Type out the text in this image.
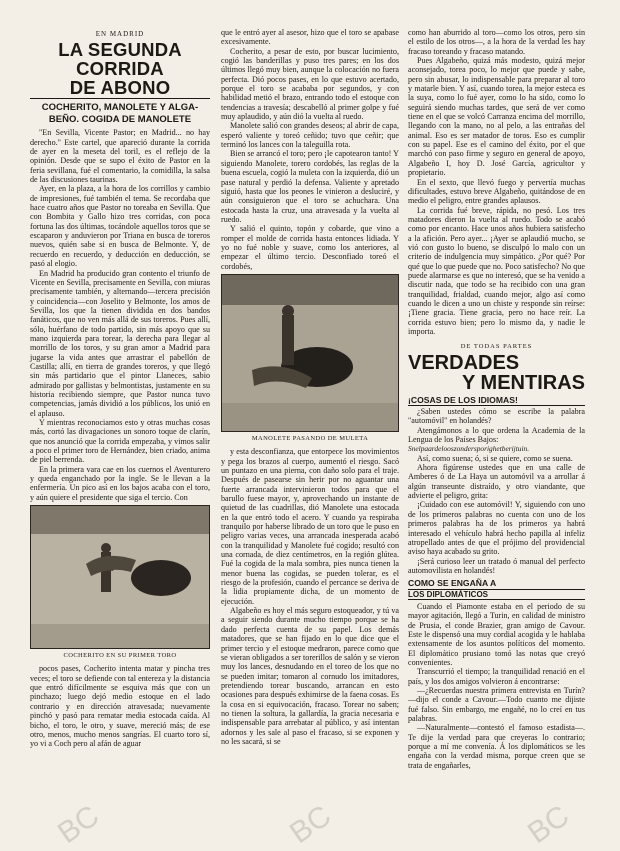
EN MADRID
LA SEGUNDA CORRIDA
DE ABONO
COCHERITO, MANOLETE Y ALGA-
BEÑO. COGIDA DE MANOLETE

"En Sevilla, Vicente Pastor; en Madrid... no hay derecho." Este cartel, que apareció durante la corrida de ayer en la meseta del toril, es el reflejo de la opinión. Desde que se supo el éxito de Pastor en la feria sevillana, fué el comentario, la comidilla, la salsa de las discusiones taurinas.

Ayer, en la plaza, a la hora de los corrillos y cambio de impresiones, fué también el tema. Se recordaba que hace cuatro años que Pastor no toreaba en Sevilla. Que con Bombita y Gallo hizo tres corridas, con poca fortuna las dos últimas, tocándole aquellos toros que se escaparon y anduvieron por Triana en busca de toreros nuevos, quién sabe si en busca de Belmonte. Y, de recuerdo en recuerdo, y deducción en deducción, se pasó al elogio.

En Madrid ha producido gran contento el triunfo de Vicente en Sevilla, precisamente en Sevilla, con miuras precisamente también, y alternando—tercera precisión y coincidencia—con Joselito y Belmonte, los amos de Sevilla, los que la tienen dividida en dos bandos fanáticos, que no ven más allá de sus toreros. Pues allí, sólo, huérfano de todo partido, sin más apoyo que su mano izquierda para torear, la derecha para llegar al morrillo de los toros, y su gran amor a Madrid para jugarse la vida antes que arrastrar el pabellón de Castilla; allí, en tierra de grandes toreros, y que llegó sin más partidario que el pintor Llaneces, sabio admirado por gallistas y belmontistas, justamente en su historia recibiendo siempre, que Pastor nunca tuvo competencias, jamás dividió a los públicos, los unió en el aplauso.

Y mientras reconociamos esto y otras muchas cosas más, cortó las divagaciones un sonoro toque de clarín, que nos anunció que la corrida empezaba, y vimos salir a poco el primer toro de Hernández, bien criado, anima de piel berrenda.

En la primera vara cae en los cuernos el Aventurero y queda enganchado por la ingle. Se le llevan a la enfermería. Un pico así en los bajos acaba con el toro, y aún quiere el presidente que siga el tercio. Con

COCHERITO EN SU PRIMER TORO

pocos pases, Cocherito intenta matar y pincha tres veces; el toro se defiende con tal entereza y la distancia que entró difícilmente se esquiva más que con un pinchazo; luego dejó medio estoque en el lado contrario y en dirección atravesada; nuevamente pinchó y pasó para rematar media estocada caída. Al bicho, el toro, le otro, y suave, mereció más; de ese otro, menos, mucho menos sangrías. El cuarto toro sí, yo vi a Coch pero al afán de aguar

que le entró ayer al asesor, hizo que el toro se apabase excesivamente.

Cocherito, a pesar de esto, por buscar lucimiento, cogió las banderillas y puso tres pares; en los dos últimos llegó muy bien, aunque la colocación no fuera perfecta. Dió pocos pases, en lo que estuvo acertado, porque el toro se acababa por segundos, y con habilidad metió el brazo, entrando todo el estoque con tendencias a travesía; descabelló al primer golpe y fué muy aplaudido, y aún dió la vuelta al ruedo.

Manolete salió con grandes deseos; al abrir de capa, esperó valiente y toreó ceñido; tuvo que ceñir; que terminó los lances con la taleguilla rota.

Bien se arrancó el toro; pero ¡le capotearon tanto! Y siguiendo Manolete, torero cordobés, las reglas de la buena escuela, cogió la muleta con la izquierda, dió un pase natural y perdió la defensa. Valiente y apretado siguió, hasta que los peones le vinieron a desluciré, y aún consiguieron que el toro se achuchara. Una estocada hasta la cruz, una atravesada y la vuelta al ruedo.

Y salió el quinto, topón y cobarde, que vino a romper el molde de corrida hasta entonces lidiada. Y yo no fué noble y suave, como los anteriores, al empezar el último tercio. Desconfiado toreó el cordobés,

MANOLETE PASANDO DE MULETA

y esta desconfianza, que entorpece los movimientos y pega los brazos al cuerpo, aumentó el riesgo. Sacó un puntazo en una pierna, con daño solo para el traje. Después de pasearse sin herir por no aguantar una fuerte arrancada intervinieron todos para que el barullo fuese mayor, y, aprovechando un instante de quietud de las cuadrillas, dió Manolete una estocada en la que entró todo el acero. Y cuando ya respiraba tranquilo por haberse librado de un toro que le puso en peligro varias veces, una arrancada inesperada acabó con la tranquilidad y Manolete fué cogido; resultó con una cornada, de diez centímetros, en la región glútea. Fué la cogida de la mala sombra, pies nunca tienen la menor buena las cogidas, se pueden tolerar, es el riesgo de la profesión, cuando el percance se deriva de la lidia propiamente dicha, de un momento de ejecución.

Algabeño es hoy el más seguro estoqueador, y tú va a seguir siendo durante mucho tiempo porque se ha dado perfecta cuenta de su papel. Los demás matadores, que se han fijado en lo que dice que el primer tercio y el estoque medraron, parece como que se vieran obligados a ser torerillos de salón y se vieron muy los lances, desnudando en el toreo de los que no se pueden imitar; tomaron al cornudo los imitadores, pretendiendo torear buscando, arrancan en esto ocasiones para después exhimirse de la faena cosas. Es la cosa en si equivocación, fracaso. Torear no saben; no tienen la soltura, la gallardía, la gracia necesaria e indispensable para arrebatar al público, y así intentan adornos y les sale al paso el fracaso, si se exponen y no les sacará, si se

como han aburrido al toro—como los otros, pero sin el estilo de los otros—, a la hora de la verdad les hay fracaso toreando y fracaso matando.

Pues Algabeño, quizá más modesto, quizá mejor aconsejado, torea poco, lo mejor que puede y sabe, pero sin abusar, lo indispensable para preparar al toro y matarle bien. Y así, cuando torea, la mejor esteca es la suya, como lo fué ayer, como lo ha sido, como lo seguirá siendo muchas tardes, que será de ver como tiene en el que se volcó Carranza encima del morrillo, llegando con la mano, no al pelo, a las entrañas del animal. Eso es ser matador de toros. Eso es cumplir con su papel. Ese es el camino del éxito, por el que marchó con paso firme y seguro en general de apoyo, Algabeño I, hoy D. José García, agricultor y propietario.

En el sexto, que llevó fuego y pervertía muchas dificultades, estuvo breve Algabeño, quitándose de en medio el peligro, entre grandes aplausos.

La corrida fué breve, rápida, no pesó. Los tres matadores dieron la vuelta al ruedo. Todo se acabó como por encanto. Hace unos años hubiera satisfecho a la afición. Pero ayer... ¡Ayer se aplaudió mucho, se vió con gusto lo bueno, se disculpó lo malo con un criterio de indulgencia muy simpático. ¿Por qué? Por qué que lo que puede que no. Poco satisfecho? No que puede alarmarse es que no interesó, que se ha venido a discutir nada, que todo se ha recibido con una gran tranquilidad, frialdad, cuando mejor, algo así como cuando le dicen a uno un chiste y responde sin reírse: ¡Tiene gracia. Tiene gracia, pero no hace reír. La corrida estuvo bien; pero lo mismo da, y nadie le importa.

DE TODAS PARTES
VERDADES
Y MENTIRAS
¡COSAS DE LOS IDIOMAS!

¿Saben ustedes cómo se escribe la palabra "automóvil" en holandés?

Atengámonos a lo que ordena la Academia de la Lengua de los Países Bajos:

Snelpaardelooszondersporighetberijtuin.

Así, como suena; ó, si se quiere, como se suena.

Ahora figúrense ustedes que en una calle de Amberes ó de La Haya un automóvil va a arrollar á algún transeunte distraído, y otro viandante, que advierte el peligro, grita:

¡Cuidado con ese automóvil! Y, siguiendo con uno de los primeros palabras no cuenta con uno de los primeros palabras ha de los primeros ya habrá interesado el vehículo habrá hecho papilla al infeliz atropellado antes de que el prójimo del providencial aviso haya acabado su grito.

¡Será curioso leer un tratado ó manual del perfecto automovilista en holandés!

COMO SE ENGAÑA A
LOS DIPLOMÁTICOS

Cuando el Piamonte estaba en el periodo de su mayor agitación, llegó a Turin, en calidad de ministro de Prusia, el conde Brazier, gran amigo de Cavour. Este le dispensó una muy cordial acogida y le hablaba extensamente de los asuntos políticos del momento. El diplomático prusiano tomó las notas que creyó convenientes.

Transcurrió el tiempo; la tranquilidad renació en el país, y los dos amigos volvieron á encontrarse:

—¿Recuerdas nuestra primera entrevista en Turín?—dijo el conde a Cavour.—Todo cuanto me dijiste fué falso. Sin embargo, me engañé, no lo creí en tus palabras.

—Naturalmente—contestó el famoso estadista—. Te dije la verdad para que creyeras lo contrario; porque a mí me convenía. Á los diplomáticos se les engaña con la verdad misma, porque creen que se trata de engañarles,

BC	BC	BC
